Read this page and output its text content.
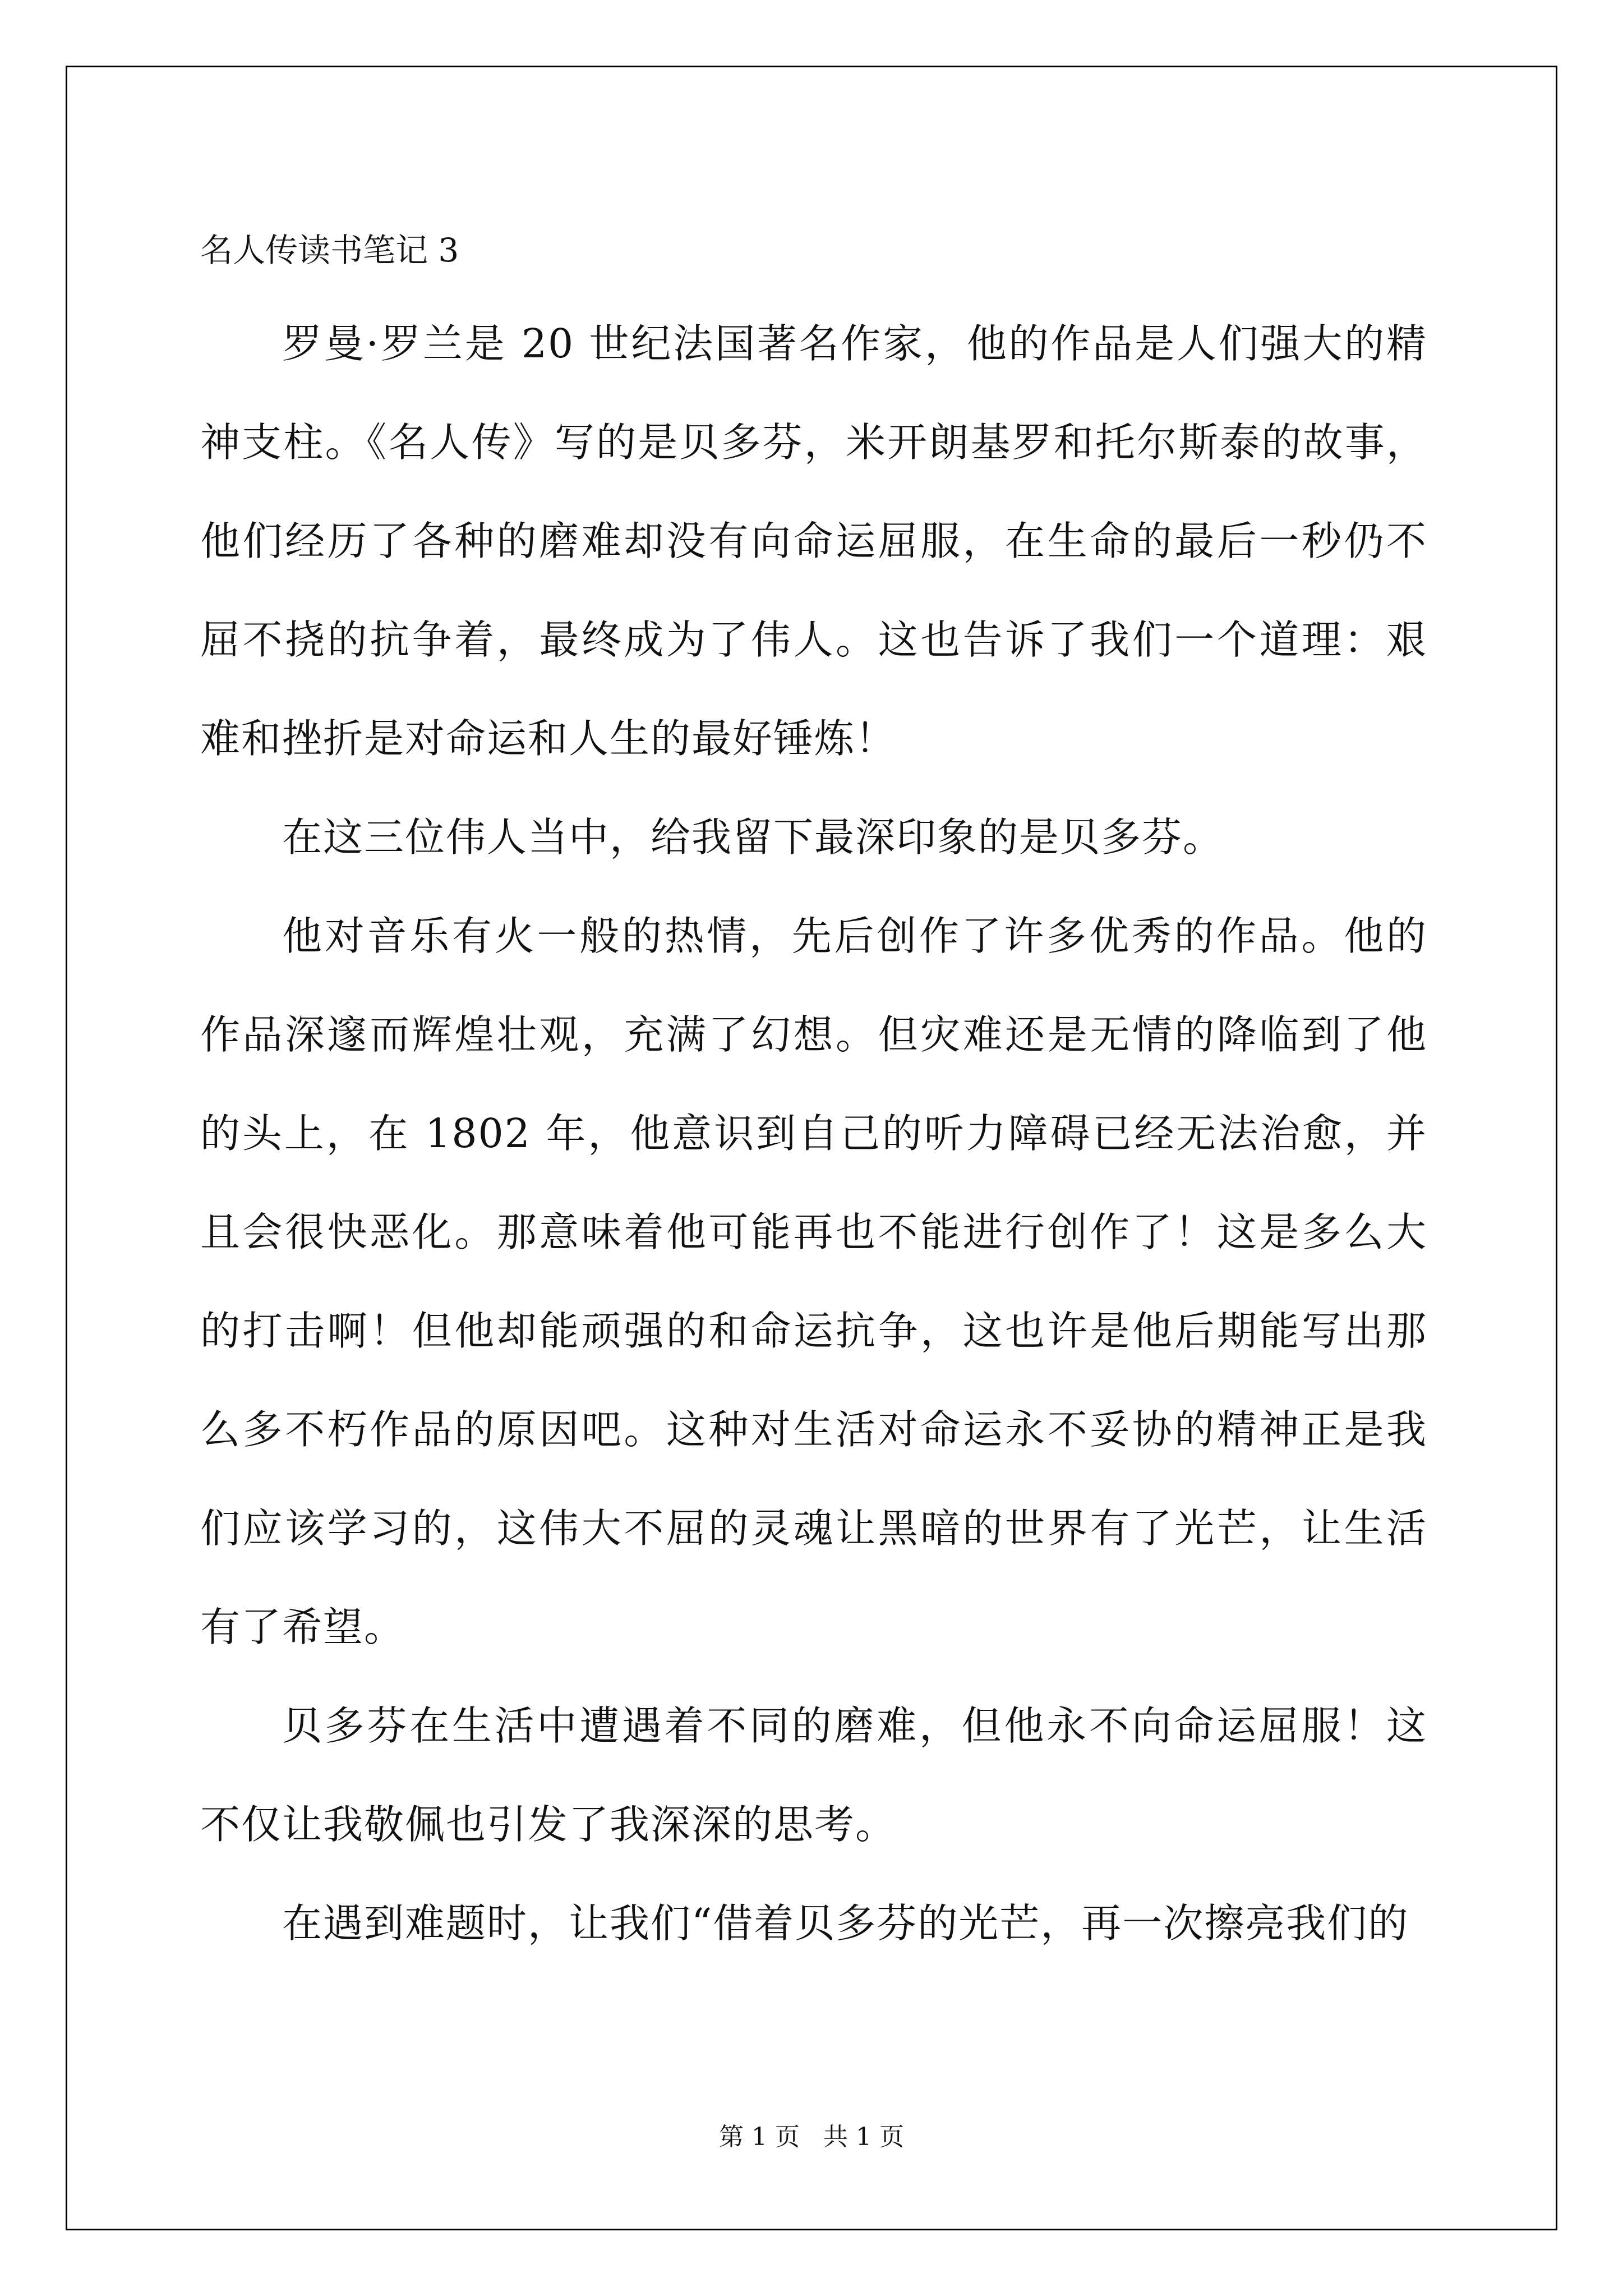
名人传读书笔记 3

罗曼·罗兰是 20 世纪法国著名作家，他的作品是人们强大的精神支柱。《名人传》写的是贝多芬，米开朗基罗和托尔斯泰的故事，他们经历了各种的磨难却没有向命运屈服，在生命的最后一秒仍不屈不挠的抗争着，最终成为了伟人。这也告诉了我们一个道理：艰难和挫折是对命运和人生的最好锤炼！

在这三位伟人当中，给我留下最深印象的是贝多芬。

他对音乐有火一般的热情，先后创作了许多优秀的作品。他的作品深邃而辉煌壮观，充满了幻想。但灾难还是无情的降临到了他的头上，在 1802 年，他意识到自己的听力障碍已经无法治愈，并且会很快恶化。那意味着他可能再也不能进行创作了！这是多么大的打击啊！但他却能顽强的和命运抗争，这也许是他后期能写出那么多不朽作品的原因吧。这种对生活对命运永不妥协的精神正是我们应该学习的，这伟大不屈的灵魂让黑暗的世界有了光芒，让生活有了希望。

贝多芬在生活中遭遇着不同的磨难，但他永不向命运屈服！这不仅让我敬佩也引发了我深深的思考。

在遇到难题时，让我们“借着贝多芬的光芒，再一次擦亮我们的

第 1 页   共 1 页
